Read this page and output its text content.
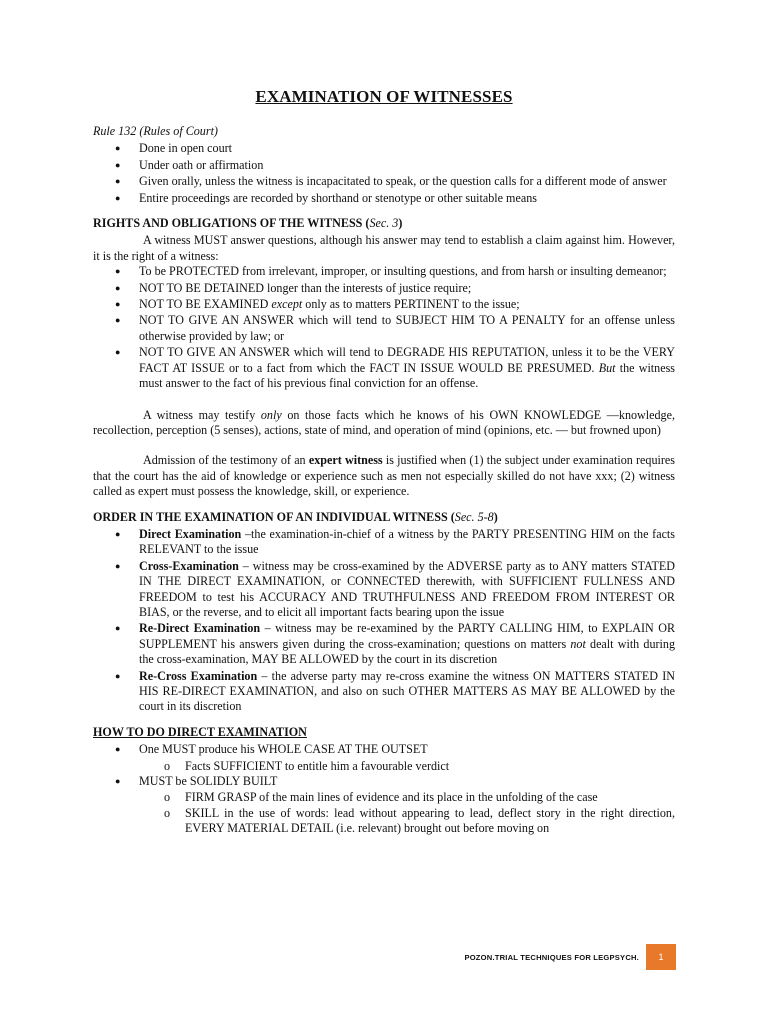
EXAMINATION OF WITNESSES
Rule 132 (Rules of Court)
● Done in open court
● Under oath or affirmation
● Given orally, unless the witness is incapacitated to speak, or the question calls for a different mode of answer
● Entire proceedings are recorded by shorthand or stenotype or other suitable means
RIGHTS AND OBLIGATIONS OF THE WITNESS (Sec. 3)

A witness MUST answer questions, although his answer may tend to establish a claim against him. However, it is the right of a witness:

● To be PROTECTED from irrelevant, improper, or insulting questions, and from harsh or insulting demeanor;
● NOT TO BE DETAINED longer than the interests of justice require;
● NOT TO BE EXAMINED except only as to matters PERTINENT to the issue;
● NOT TO GIVE AN ANSWER which will tend to SUBJECT HIM TO A PENALTY for an offense unless otherwise provided by law; or
● NOT TO GIVE AN ANSWER which will tend to DEGRADE HIS REPUTATION, unless it to be the VERY FACT AT ISSUE or to a fact from which the FACT IN ISSUE WOULD BE PRESUMED. But the witness must answer to the fact of his previous final conviction for an offense.

A witness may testify only on those facts which he knows of his OWN KNOWLEDGE —knowledge, recollection, perception (5 senses), actions, state of mind, and operation of mind (opinions, etc. — but frowned upon)

Admission of the testimony of an expert witness is justified when (1) the subject under examination requires that the court has the aid of knowledge or experience such as men not especially skilled do not have xxx; (2) witness called as expert must possess the knowledge, skill, or experience.

ORDER IN THE EXAMINATION OF AN INDIVIDUAL WITNESS (Sec. 5-8)
● Direct Examination –the examination-in-chief of a witness by the PARTY PRESENTING HIM on the facts RELEVANT to the issue
● Cross-Examination – witness may be cross-examined by the ADVERSE party as to ANY matters STATED IN THE DIRECT EXAMINATION, or CONNECTED therewith, with SUFFICIENT FULLNESS AND FREEDOM to test his ACCURACY AND TRUTHFULNESS AND FREEDOM FROM INTEREST OR BIAS, or the reverse, and to elicit all important facts bearing upon the issue
● Re-Direct Examination – witness may be re-examined by the PARTY CALLING HIM, to EXPLAIN OR SUPPLEMENT his answers given during the cross-examination; questions on matters not dealt with during the cross-examination, MAY BE ALLOWED by the court in its discretion
● Re-Cross Examination – the adverse party may re-cross examine the witness ON MATTERS STATED IN HIS RE-DIRECT EXAMINATION, and also on such OTHER MATTERS AS MAY BE ALLOWED by the court in its discretion
HOW TO DO DIRECT EXAMINATION
● One MUST produce his WHOLE CASE AT THE OUTSET
o Facts SUFFICIENT to entitle him a favourable verdict
● MUST be SOLIDLY BUILT
o FIRM GRASP of the main lines of evidence and its place in the unfolding of the case
o SKILL in the use of words: lead without appearing to lead, deflect story in the right direction, EVERY MATERIAL DETAIL (i.e. relevant) brought out before moving on
POZON.TRIAL TECHNIQUES FOR LEGPSYCH.	1
